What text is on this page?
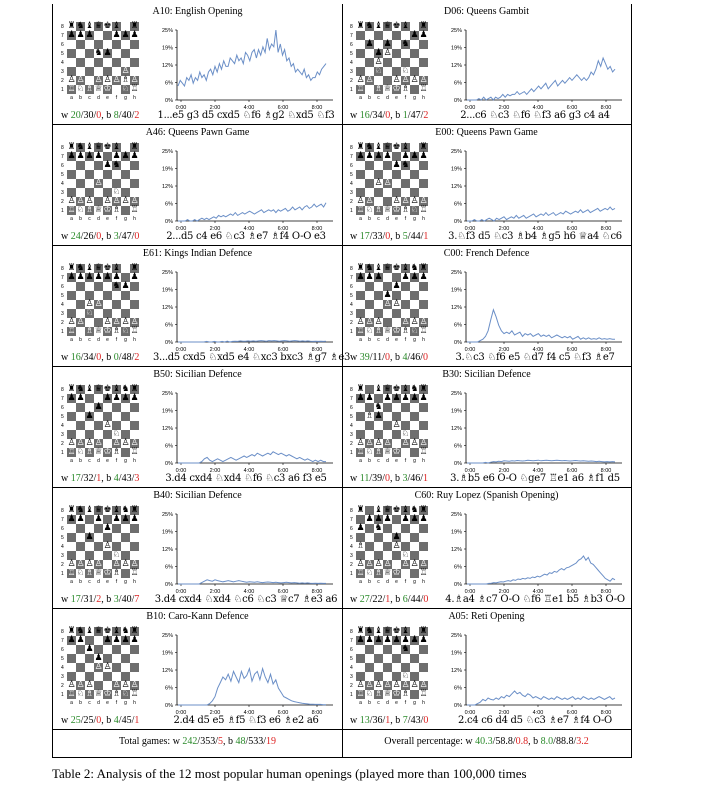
A10: English Opening
8 ♜ ♞ ♝ ♛ ♚ ♝ ♜
7 ♟ ♟ ♟ ♟ ♟ ♟
6
5	♞ ♟
4
3	♙
2 ♙ ♙ ♙ ♙ ♙ ♗ ♙
1 ♖ ♘ ♗ ♕ ♔ ♘ ♖
a	b	c	d	e	f	g	h
25%
19%
12%
6%
0%
0:00	2:00	4:00	6:00	8:00
w 20/30/0, b 8/40/2	1...e5 g3 d5 cxd5 ♘f6 ♗g2 ♘xd5 ♘f3
D06: Queens Gambit
8 ♜ ♞ ♝ ♛ ♚ ♝ ♜
7	♟ ♟
6 ♟ ♟ ♞
5 ♟ ♙
4 ♙
3 ♘ ♘
2 ♙ ♙ ♙ ♙ ♙ ♙
1 ♖ ♗ ♕ ♔ ♗ ♖
a	b	c	d	e	f	g	h
25%
19%
12%
6%
0%
0:00	2:00	4:00	6:00	8:00
w 16/34/0, b 1/47/2	2...c6 ♘c3 ♘f6 ♘f3 a6 g3 c4 a4
A46: Queens Pawn Game
8 ♜ ♞ ♝ ♛ ♚ ♝ ♜
7 ♟ ♟ ♟ ♟ ♟ ♟ ♟
6	♟ ♞
5
4	♙
3	♘
2 ♙ ♙ ♙ ♙ ♙ ♙ ♙
1 ♖ ♘ ♗ ♕ ♔ ♗ ♖
a	b	c	d	e	f	g	h
25%
19%
12%
6%
0%
0:00	2:00	4:00	6:00	8:00
w 24/26/0, b 3/47/0	2...d5 c4 e6 ♘c3 ♗e7 ♗f4 O-O e3
E00: Queens Pawn Game
8 ♜ ♞ ♝ ♛ ♚ ♝ ♜
7 ♟ ♟ ♟ ♟ ♟ ♟ ♟
6	♟ ♞
5
4 ♙ ♙
3
2 ♙ ♙ ♙ ♙ ♙ ♙
1 ♖ ♘ ♗ ♕ ♔ ♗ ♘ ♖
a	b	c	d	e	f	g	h
25%
19%
12%
6%
0%
0:00	2:00	4:00	6:00	8:00
w 17/33/0, b 5/44/1	3.♘f3 d5 ♘c3 ♗b4 ♗g5 h6 ♕a4 ♘c6
E61: Kings Indian Defence
8 ♜ ♞ ♝ ♛ ♚ ♝ ♜
7 ♟ ♟ ♟ ♟ ♟ ♟ ♟
6	♞ ♟
5
4 ♙ ♙
3 ♘
2 ♙ ♙ ♙ ♙ ♙ ♙
1 ♖ ♗ ♕ ♔ ♗ ♘ ♖
a	b	c	d	e	f	g	h
25%
19%
12%
6%
0%
0:00	2:00	4:00	6:00	8:00
w 16/34/0, b 0/48/2 3...d5 cxd5 ♘xd5 e4 ♘xc3 bxc3 ♗g7 ♗e3
C00: French Defence
8 ♜ ♞ ♝ ♛ ♚ ♝ ♞ ♜
7 ♟ ♟ ♟ ♟ ♟ ♟
6	♟
5	♟
4	♙ ♙
3
2 ♙ ♙ ♙ ♙ ♙ ♙
1 ♖ ♘ ♗ ♕ ♔ ♗ ♘ ♖
a	b	c	d	e	f	g	h
25%
19%
12%
6%
0%
0:00	2:00	4:00	6:00	8:00
w 39/11/0, b 4/46/0	3.♘c3 ♘f6 e5 ♘d7 f4 c5 ♘f3 ♗e7
B50: Sicilian Defence
8 ♜ ♞ ♝ ♛ ♚ ♝ ♞ ♜
7 ♟ ♟ ♟ ♟ ♟ ♟
6	♟
5 ♟
4	♙
3	♘
2 ♙ ♙ ♙ ♙ ♙ ♙ ♙
1 ♖ ♘ ♗ ♕ ♔ ♗ ♖
a	b	c	d	e	f	g	h
25%
19%
12%
6%
0%
0:00	2:00	4:00	6:00	8:00
w 17/32/1, b 4/43/3	3.d4 cxd4 ♘xd4 ♘f6 ♘c3 a6 f3 e5
B30: Sicilian Defence
8 ♜ ♝ ♛ ♚ ♝ ♞ ♜
7 ♟ ♟ ♟ ♟ ♟ ♟ ♟
6 ♞
5 ♗ ♟
4	♙
3	♘
2 ♙ ♙ ♙ ♙ ♙ ♙ ♙
1 ♖ ♘ ♗ ♕ ♔ ♖
a	b	c	d	e	f	g	h
25%
19%
12%
6%
0%
0:00	2:00	4:00	6:00	8:00
w 11/39/0, b 3/46/1	3.♗b5 e6 O-O ♘ge7 ♖e1 a6 ♗f1 d5
B40: Sicilian Defence
8 ♜ ♞ ♝ ♛ ♚ ♝ ♞ ♜
7 ♟ ♟ ♟ ♟ ♟ ♟
6	♟
5 ♟
4	♙
3	♘
2 ♙ ♙ ♙ ♙ ♙ ♙ ♙
1 ♖ ♘ ♗ ♕ ♔ ♗ ♖
a	b	c	d	e	f	g	h
25%
19%
12%
6%
0%
0:00	2:00	4:00	6:00	8:00
w 17/31/2, b 3/40/7 3.d4 cxd4 ♘xd4 ♘c6 ♘c3 ♕c7 ♗e3 a6
C60: Ruy Lopez (Spanish Opening)
8 ♜ ♝ ♛ ♚ ♝ ♞ ♜
7 ♟ ♟ ♟ ♟ ♟ ♟
6 ♟ ♞
5	♟
4 ♗	♙
3	♘
2 ♙ ♙ ♙ ♙ ♙ ♙ ♙
1 ♖ ♘ ♗ ♕ ♔ ♖
a	b	c	d	e	f	g	h
25%
19%
12%
6%
0%
0:00	2:00	4:00	6:00	8:00
w 27/22/1, b 6/44/0	4.♗a4 ♗c7 O-O ♘f6 ♖e1 b5 ♗b3 O-O
B10: Caro-Kann Defence
8 ♜ ♞ ♝ ♛ ♚ ♝ ♞ ♜
7 ♟ ♟ ♟ ♟ ♟ ♟
6 ♟
5	♟
4	♙ ♙
3
2 ♙ ♙ ♙ ♙ ♙ ♙
1 ♖ ♘ ♗ ♕ ♔ ♗ ♘ ♖
a	b	c	d	e	f	g	h
25%
19%
12%
6%
0%
0:00	2:00	4:00	6:00	8:00
w 25/25/0, b 4/45/1	2.d4 d5 e5 ♗f5 ♘f3 e6 ♗e2 a6
A05: Reti Opening
8 ♜ ♞ ♝ ♛ ♚ ♝ ♜
7 ♟ ♟ ♟ ♟ ♟ ♟ ♟ ♟
6	♞
5
4
3	♘
2 ♙ ♙ ♙ ♙ ♙ ♙ ♙ ♙
1 ♖ ♘ ♗ ♕ ♔ ♗ ♖
a	b	c	d	e	f	g	h
25%
19%
12%
6%
0%
0:00	2:00	4:00	6:00	8:00
w 13/36/1, b 7/43/0	2.c4 c6 d4 d5 ♘c3 ♗e7 ♗f4 O-O
Total games: w 242/353/5, b 48/533/19	Overall percentage: w 40.3/58.8/0.8, b 8.0/88.8/3.2
Table 2: Analysis of the 12 most popular human openings (played more than 100,000 times
